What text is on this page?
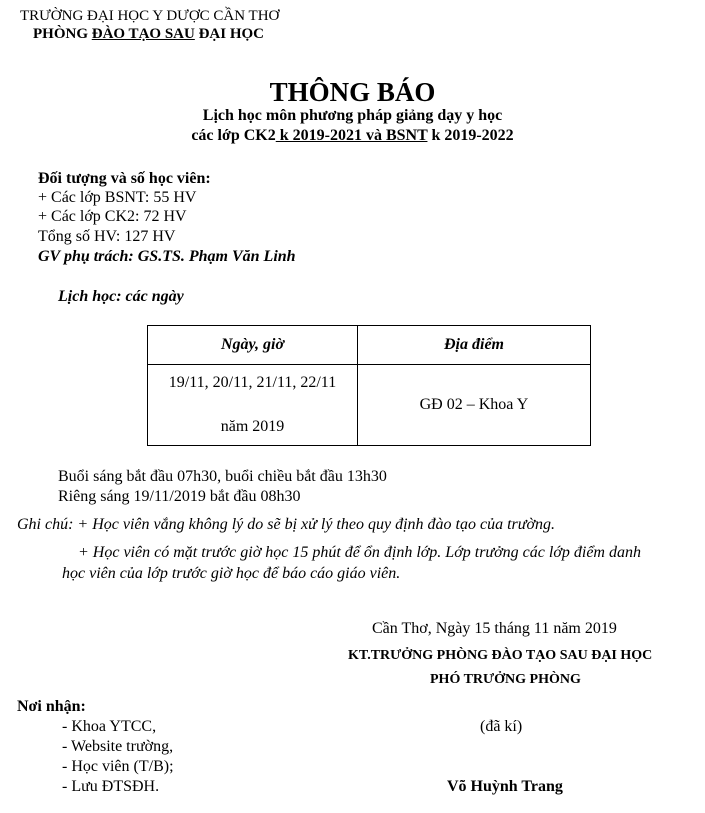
TRƯỜNG ĐẠI HỌC Y DƯỢC CẦN THƠ
PHÒNG ĐÀO TẠO SAU ĐẠI HỌC
THÔNG BÁO
Lịch học môn phương pháp giảng dạy y học
các lớp CK2 k 2019-2021 và BSNT k 2019-2022
Đối tượng và số học viên:
+ Các lớp BSNT: 55 HV
+ Các lớp CK2: 72 HV
Tổng số HV: 127 HV
GV phụ trách: GS.TS. Phạm Văn Linh
Lịch học: các ngày
Ngày, giờ	Địa điểm

19/11, 20/11, 21/11, 22/11
năm 2019	GĐ 02 – Khoa Y
Buổi sáng bắt đầu 07h30, buổi chiều bắt đầu 13h30
Riêng sáng 19/11/2019 bắt đầu 08h30
Ghi chú: + Học viên vắng không lý do sẽ bị xử lý theo quy định đào tạo của trường.
+ Học viên có mặt trước giờ học 15 phút để ổn định lớp. Lớp trưởng các lớp điểm danh
học viên của lớp trước giờ học để báo cáo giáo viên.
Cần Thơ, Ngày 15 tháng 11 năm 2019
KT.TRƯỞNG PHÒNG ĐÀO TẠO SAU ĐẠI HỌC
PHÓ TRƯỞNG PHÒNG
(đã kí)
Võ Huỳnh Trang
Nơi nhận:
- Khoa YTCC,
- Website trường,
- Học viên (T/B);
- Lưu ĐTSĐH.
